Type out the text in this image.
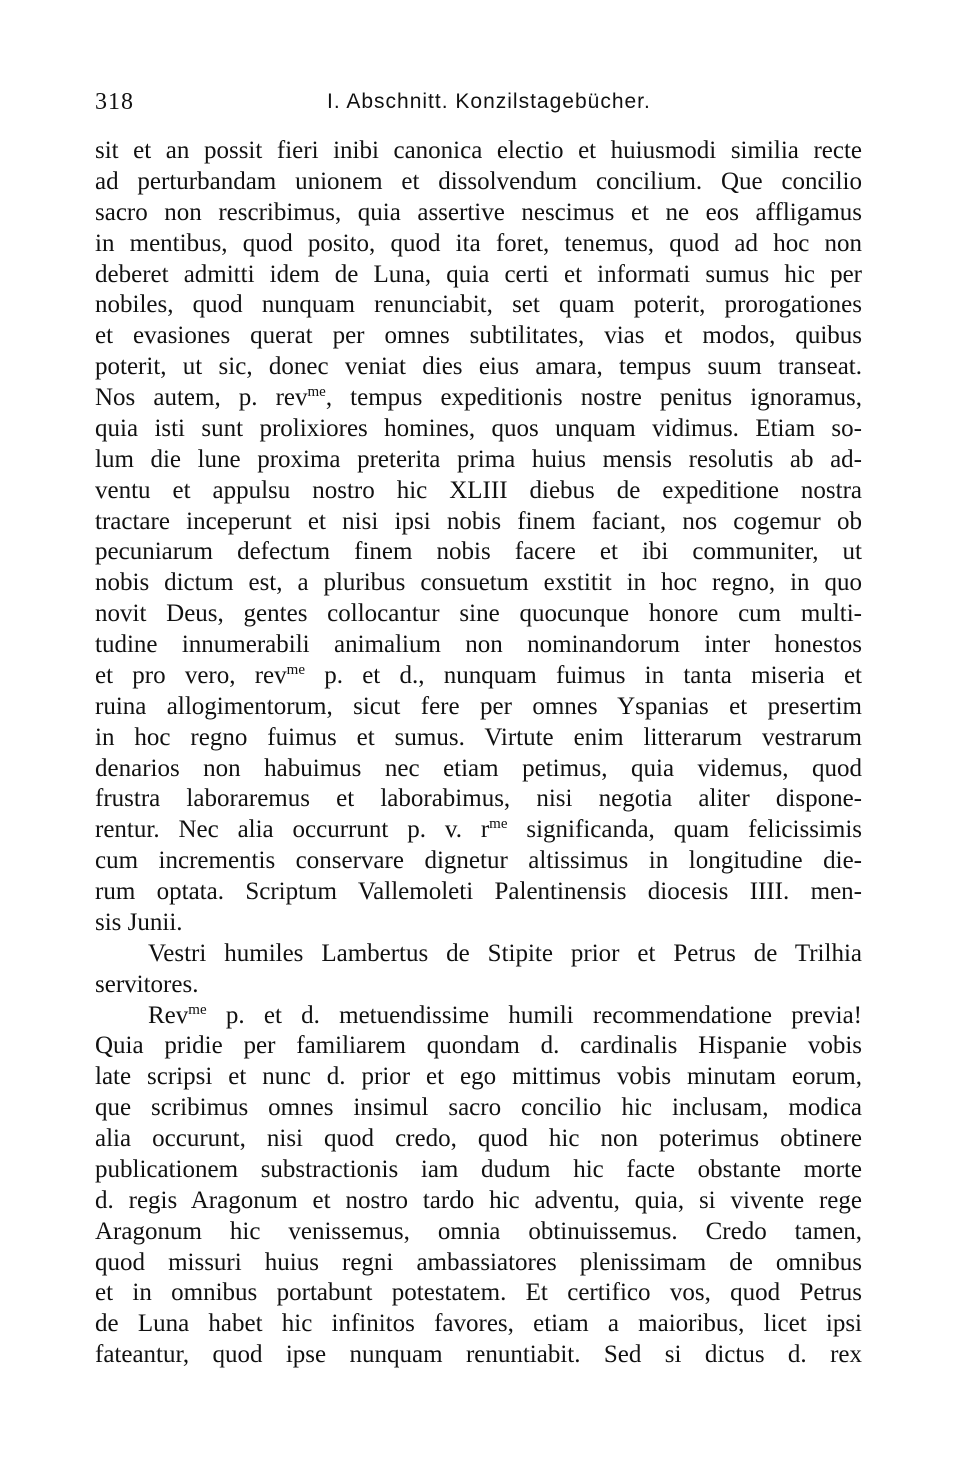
318	I. Abschnitt. Konzilstagebücher.
sit et an possit fieri inibi canonica electio et huiusmodi similia recte
ad perturbandam unionem et dissolvendum concilium. Que concilio
sacro non rescribimus, quia assertive nescimus et ne eos affligamus
in mentibus, quod posito, quod ita foret, tenemus, quod ad hoc non
deberet admitti idem de Luna, quia certi et informati sumus hic per
nobiles, quod nunquam renunciabit, set quam poterit, prorogationes
et evasiones querat per omnes subtilitates, vias et modos, quibus
poterit, ut sic, donec veniat dies eius amara, tempus suum transeat.
Nos autem, p. rev$^{me}$, tempus expeditionis nostre penitus ignoramus,
quia isti sunt prolixiores homines, quos unquam vidimus. Etiam so-
lum die lune proxima preterita prima huius mensis resolutis ab ad-
ventu et appulsu nostro hic XLIII diebus de expeditione nostra
tractare inceperunt et nisi ipsi nobis finem faciant, nos cogemur ob
pecuniarum defectum finem nobis facere et ibi communiter, ut
nobis dictum est, a pluribus consuetum exstitit in hoc regno, in quo
novit Deus, gentes collocantur sine quocunque honore cum multi-
tudine innumerabili animalium non nominandorum inter honestos
et pro vero, rev$^{me}$ p. et d., nunquam fuimus in tanta miseria et
ruina allogimentorum, sicut fere per omnes Yspanias et presertim
in hoc regno fuimus et sumus. Virtute enim litterarum vestrarum
denarios non habuimus nec etiam petimus, quia videmus, quod
frustra laboraremus et laborabimus, nisi negotia aliter dispone-
rentur. Nec alia occurrunt p. v. $r^{me}$ significanda, quam felicissimis
cum incrementis conservare dignetur altissimus in longitudine die-
rum optata. Scriptum Vallemoleti Palentinensis diocesis IIII. men-
sis Junii.
Vestri humiles Lambertus de Stipite prior et Petrus de Trilhia
servitores.
Rev$^{me}$ p. et d. metuendissime humili recommendatione previa!
Quia pridie per familiarem quondam d. cardinalis Hispanie vobis
late scripsi et nunc d. prior et ego mittimus vobis minutam eorum,
que scribimus omnes insimul sacro concilio hic inclusam, modica
alia occurunt, nisi quod credo, quod hic non poterimus obtinere
publicationem substractionis iam dudum hic facte obstante morte
d. regis Aragonum et nostro tardo hic adventu, quia, si vivente rege
Aragonum hic venissemus, omnia obtinuissemus. Credo tamen,
quod missuri huius regni ambassiatores plenissimam de omnibus
et in omnibus portabunt potestatem. Et certifico vos, quod Petrus
de Luna habet hic infinitos favores, etiam a maioribus, licet ipsi
fateantur, quod ipse nunquam renuntiabit. Sed si dictus d. rex
